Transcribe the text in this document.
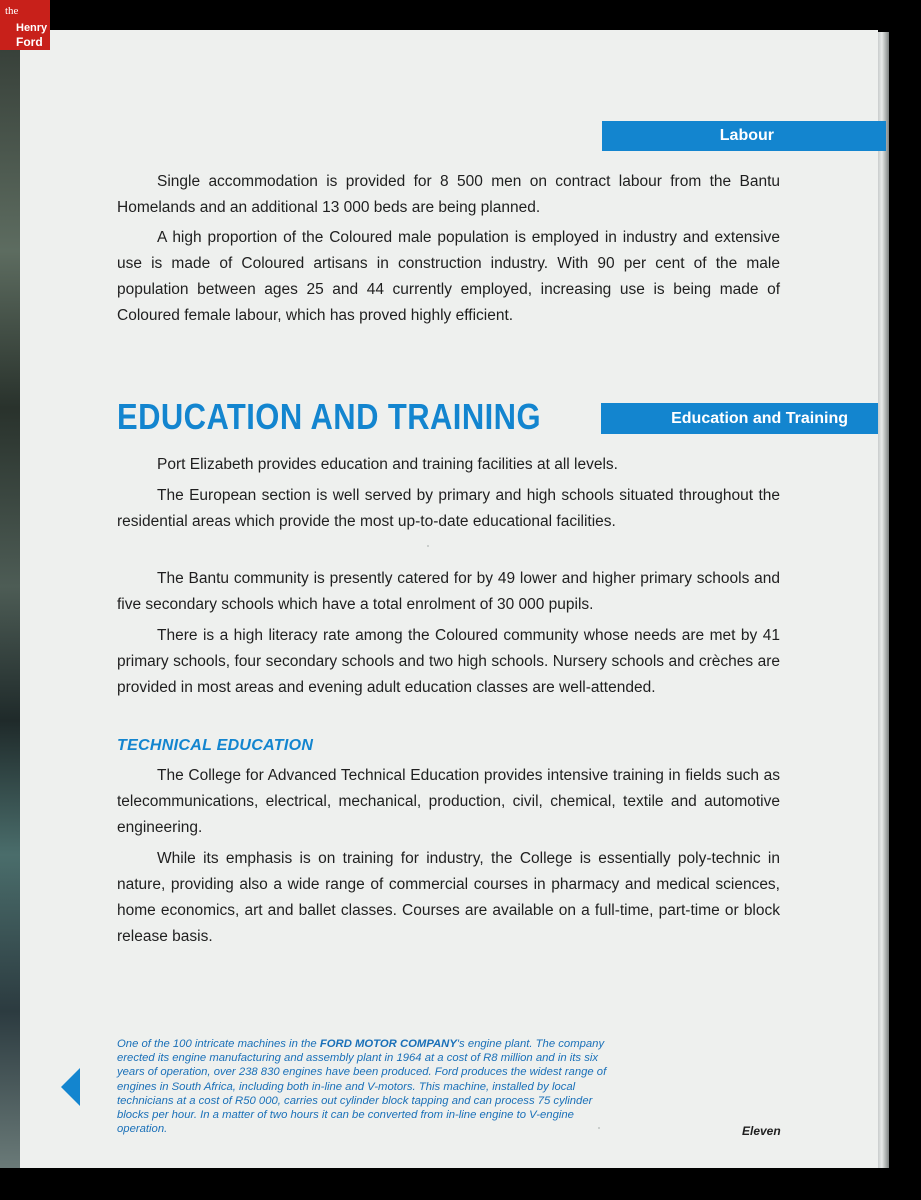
the
Henry
Ford
Labour

Single accommodation is provided for 8 500 men on contract labour from the Bantu Homelands and an additional 13 000 beds are being planned.

A high proportion of the Coloured male population is employed in industry and extensive use is made of Coloured artisans in construction industry. With 90 per cent of the male population between ages 25 and 44 currently employed, increasing use is being made of Coloured female labour, which has proved highly efficient.

EDUCATION AND TRAINING	Education and Training

Port Elizabeth provides education and training facilities at all levels.

The European section is well served by primary and high schools situated throughout the residential areas which provide the most up-to-date educational facilities.

The Bantu community is presently catered for by 49 lower and higher primary schools and five secondary schools which have a total enrolment of 30 000 pupils.

There is a high literacy rate among the Coloured community whose needs are met by 41 primary schools, four secondary schools and two high schools. Nursery schools and crèches are provided in most areas and evening adult education classes are well-attended.

TECHNICAL EDUCATION

The College for Advanced Technical Education provides intensive training in fields such as telecommunications, electrical, mechanical, production, civil, chemical, textile and automotive engineering.

While its emphasis is on training for industry, the College is essentially poly-technic in nature, providing also a wide range of commercial courses in pharmacy and medical sciences, home economics, art and ballet classes. Courses are available on a full-time, part-time or block release basis.

One of the 100 intricate machines in the FORD MOTOR COMPANY's engine plant. The company erected its engine manufacturing and assembly plant in 1964 at a cost of R8 million and in its six years of operation, over 238 830 engines have been produced. Ford produces the widest range of engines in South Africa, including both in-line and V-motors. This machine, installed by local technicians at a cost of R50 000, carries out cylinder block tapping and can process 75 cylinder blocks per hour. In a matter of two hours it can be converted from in-line engine to V-engine operation.	Eleven
